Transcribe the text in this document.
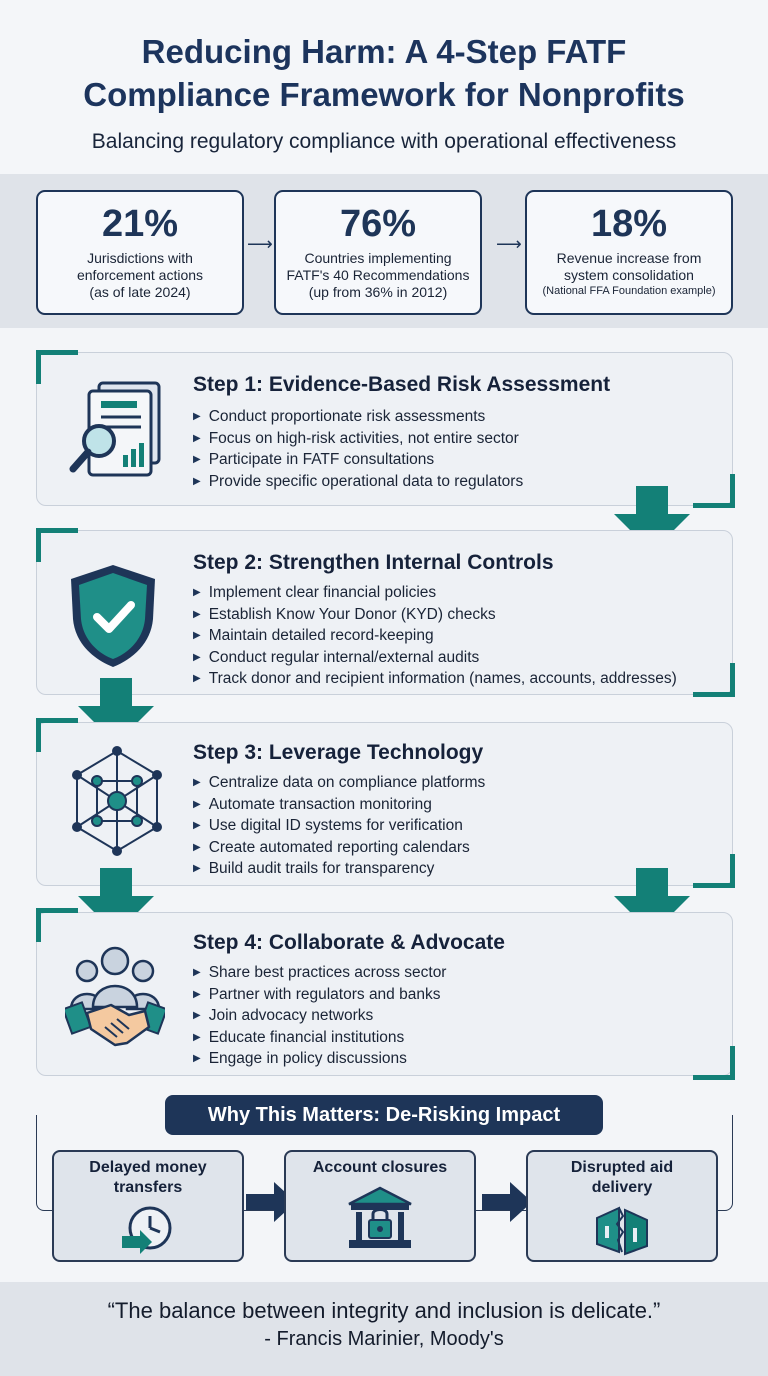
Reducing Harm: A 4-Step FATF
Compliance Framework for Nonprofits
Balancing regulatory compliance with operational effectiveness
21%
Jurisdictions with
enforcement actions
(as of late 2024)
⟶	76%
Countries implementing
FATF's 40 Recommendations
(up from 36% in 2012)
⟶	18%
Revenue increase from
system consolidation
(National FFA Foundation example)
Step 1: Evidence-Based Risk Assessment
▶ Conduct proportionate risk assessments
▶ Focus on high-risk activities, not entire sector
▶ Participate in FATF consultations
▶ Provide specific operational data to regulators
Step 2: Strengthen Internal Controls
▶ Implement clear financial policies
▶ Establish Know Your Donor (KYD) checks
▶ Maintain detailed record-keeping
▶ Conduct regular internal/external audits
▶ Track donor and recipient information (names, accounts, addresses)
Step 3: Leverage Technology
▶ Centralize data on compliance platforms
▶ Automate transaction monitoring
▶ Use digital ID systems for verification
▶ Create automated reporting calendars
▶ Build audit trails for transparency
Step 4: Collaborate & Advocate
▶ Share best practices across sector
▶ Partner with regulators and banks
▶ Join advocacy networks
▶ Educate financial institutions
▶ Engage in policy discussions
Why This Matters: De-Risking Impact
Delayed money
transfers
Account closures	Disrupted aid
delivery
“The balance between integrity and inclusion is delicate.”
- Francis Marinier, Moody's
